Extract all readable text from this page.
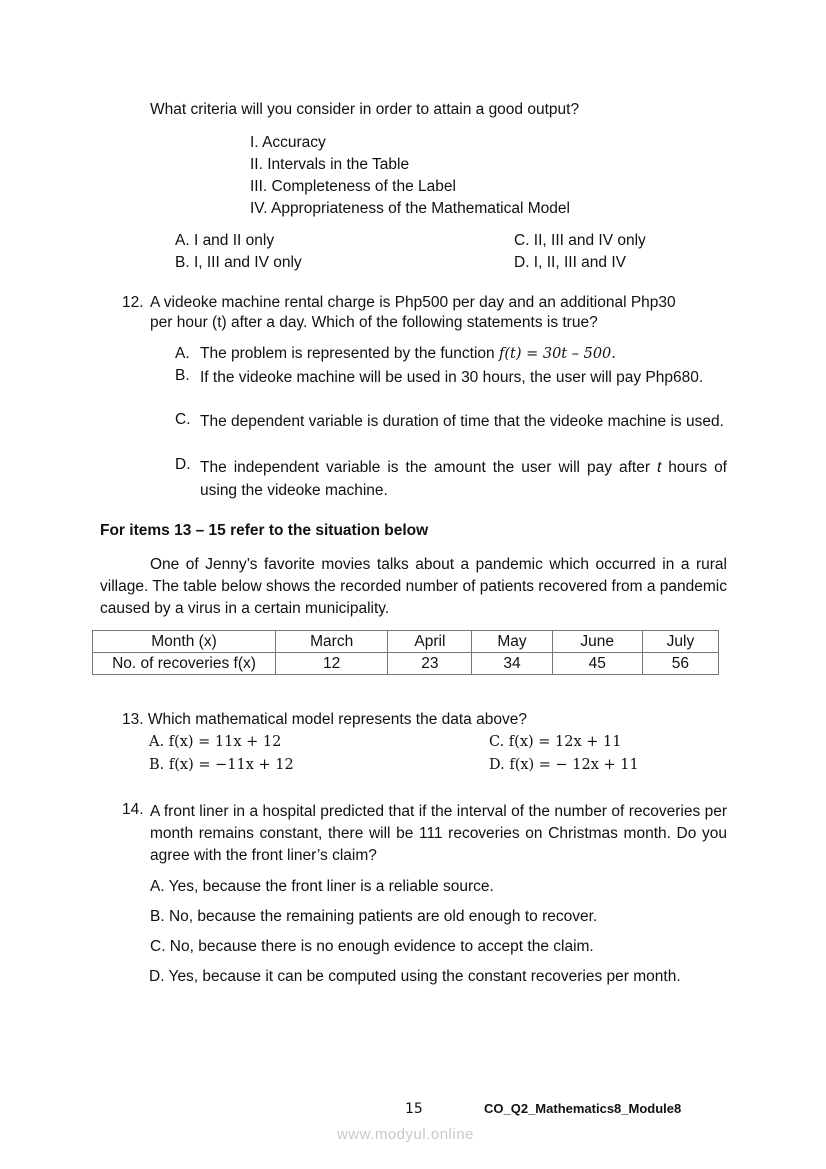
What criteria will you consider in order to attain a good output?
I. Accuracy
II. Intervals in the Table
III. Completeness of the Label
IV. Appropriateness of the Mathematical Model
A. I and II only
B. I, III and IV only
C. II, III and IV only
D. I, II, III and IV
12. A videoke machine rental charge is Php500 per day and an additional Php30
per hour (t) after a day. Which of the following statements is true?
A. The problem is represented by the function f(t) = 30t – 500.
B. If the videoke machine will be used in 30 hours, the user will pay Php680.
C. The dependent variable is duration of time that the videoke machine is used.
D. The independent variable is the amount the user will pay after t hours of using the videoke machine.
For items 13 – 15 refer to the situation below
One of Jenny’s favorite movies talks about a pandemic which occurred in a rural village. The table below shows the recorded number of patients recovered from a pandemic caused by a virus in a certain municipality.
Month (x)	March	April	May	June	July
No. of recoveries f(x)	12	23	34	45	56
13. Which mathematical model represents the data above?
A. f(x) = 11x + 12
B. f(x) = −11x + 12
C. f(x) = 12x + 11
D. f(x) = − 12x + 11
14. A front liner in a hospital predicted that if the interval of the number of recoveries per month remains constant, there will be 111 recoveries on Christmas month. Do you agree with the front liner’s claim?
A. Yes, because the front liner is a reliable source.
B. No, because the remaining patients are old enough to recover.
C. No, because there is no enough evidence to accept the claim.
D. Yes, because it can be computed using the constant recoveries per month.
15	CO_Q2_Mathematics8_Module8
www.modyul.online
